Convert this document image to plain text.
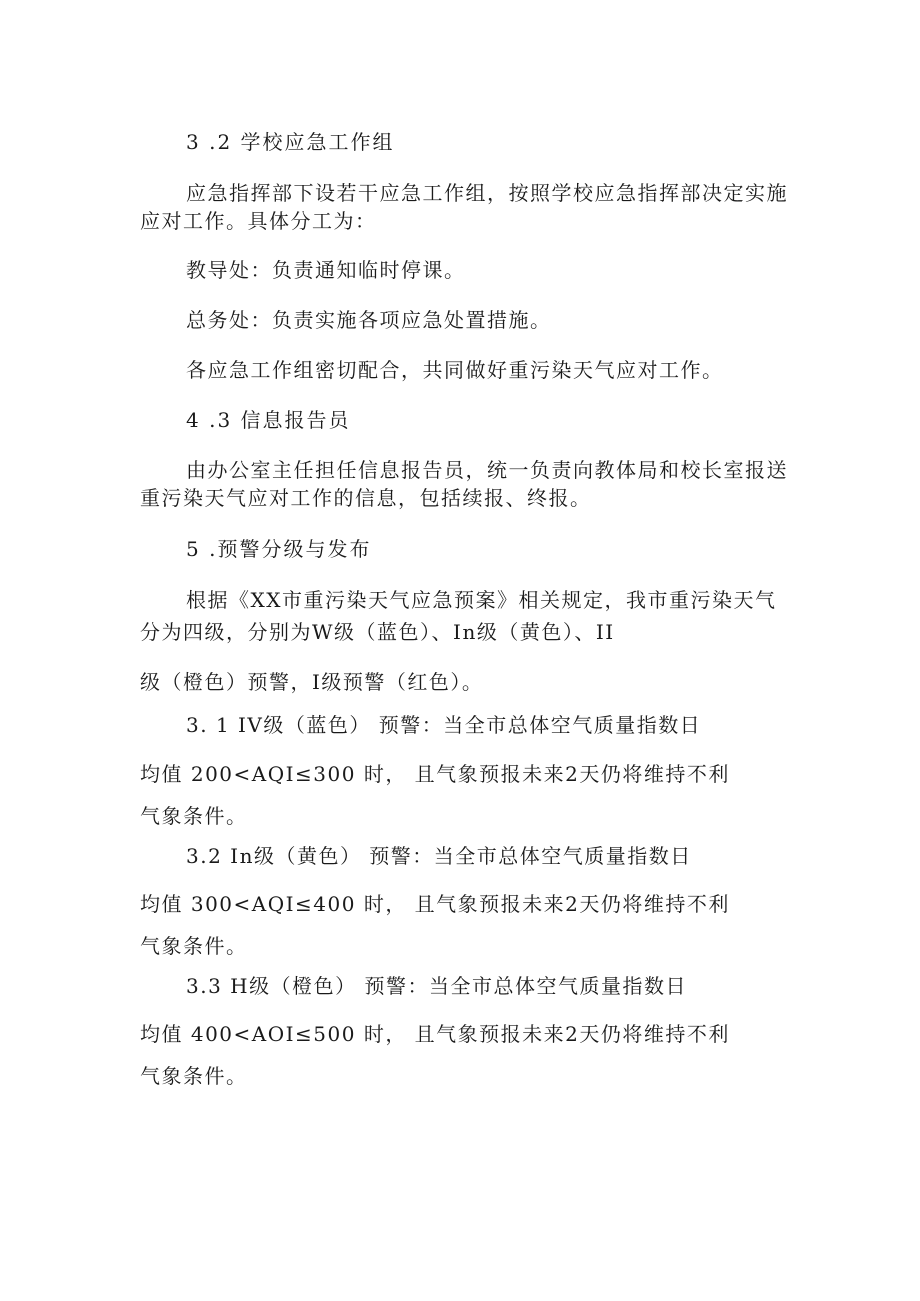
3 .2 学校应急工作组

应急指挥部下设若干应急工作组，按照学校应急指挥部决定实施

应对工作。具体分工为：

教导处：负责通知临时停课。

总务处：负责实施各项应急处置措施。

各应急工作组密切配合，共同做好重污染天气应对工作。

4 .3 信息报告员

由办公室主任担任信息报告员，统一负责向教体局和校长室报送

重污染天气应对工作的信息，包括续报、终报。

5 .预警分级与发布

根据《XX市重污染天气应急预案》相关规定，我市重污染天气

分为四级，分别为W级（蓝色）、In级（黄色）、II

级（橙色）预警，I级预警（红色）。

3. 1 IV级（蓝色） 预警：当全市总体空气质量指数日

均值 200<AQI≤300 时， 且气象预报未来2天仍将维持不利

气象条件。

3.2 In级（黄色） 预警：当全市总体空气质量指数日

均值 300<AQI≤400 时， 且气象预报未来2天仍将维持不利

气象条件。

3.3 H级（橙色） 预警：当全市总体空气质量指数日

均值 400<AOI≤500 时， 且气象预报未来2天仍将维持不利

气象条件。
